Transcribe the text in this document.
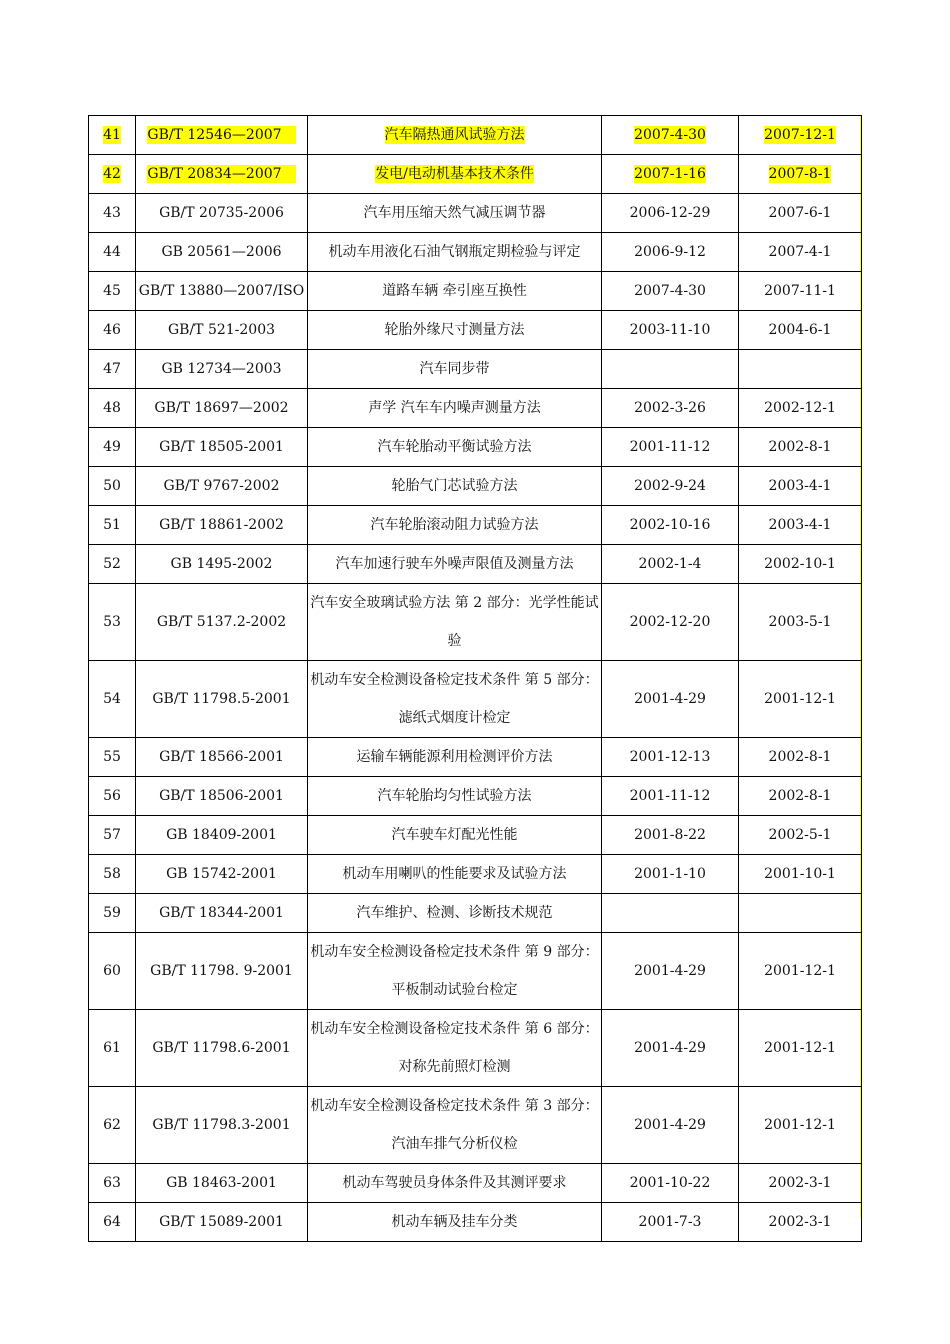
41	GB/T 12546—2007	汽车隔热通风试验方法	2007-4-30	2007-12-1
42	GB/T 20834—2007	发电/电动机基本技术条件	2007-1-16	2007-8-1
43	GB/T 20735-2006	汽车用压缩天然气减压调节器	2006-12-29	2007-6-1
44	GB 20561—2006	机动车用液化石油气钢瓶定期检验与评定	2006-9-12	2007-4-1
45	GB/T 13880—2007/ISO	道路车辆 牵引座互换性	2007-4-30	2007-11-1
46	GB/T 521-2003	轮胎外缘尺寸测量方法	2003-11-10	2004-6-1
47	GB 12734—2003	汽车同步带		
48	GB/T 18697—2002	声学 汽车车内噪声测量方法	2002-3-26	2002-12-1
49	GB/T 18505-2001	汽车轮胎动平衡试验方法	2001-11-12	2002-8-1
50	GB/T 9767-2002	轮胎气门芯试验方法	2002-9-24	2003-4-1
51	GB/T 18861-2002	汽车轮胎滚动阻力试验方法	2002-10-16	2003-4-1
52	GB 1495-2002	汽车加速行驶车外噪声限值及测量方法	2002-1-4	2002-10-1
53	GB/T 5137.2-2002	汽车安全玻璃试验方法 第 2 部分：光学性能试验	2002-12-20	2003-5-1
54	GB/T 11798.5-2001	机动车安全检测设备检定技术条件 第 5 部分：滤纸式烟度计检定	2001-4-29	2001-12-1
55	GB/T 18566-2001	运输车辆能源利用检测评价方法	2001-12-13	2002-8-1
56	GB/T 18506-2001	汽车轮胎均匀性试验方法	2001-11-12	2002-8-1
57	GB 18409-2001	汽车驶车灯配光性能	2001-8-22	2002-5-1
58	GB 15742-2001	机动车用喇叭的性能要求及试验方法	2001-1-10	2001-10-1
59	GB/T 18344-2001	汽车维护、检测、诊断技术规范		
60	GB/T 11798. 9-2001	机动车安全检测设备检定技术条件 第 9 部分：平板制动试验台检定	2001-4-29	2001-12-1
61	GB/T 11798.6-2001	机动车安全检测设备检定技术条件 第 6 部分：对称先前照灯检测	2001-4-29	2001-12-1
62	GB/T 11798.3-2001	机动车安全检测设备检定技术条件 第 3 部分：汽油车排气分析仪检	2001-4-29	2001-12-1
63	GB 18463-2001	机动车驾驶员身体条件及其测评要求	2001-10-22	2002-3-1
64	GB/T 15089-2001	机动车辆及挂车分类	2001-7-3	2002-3-1
